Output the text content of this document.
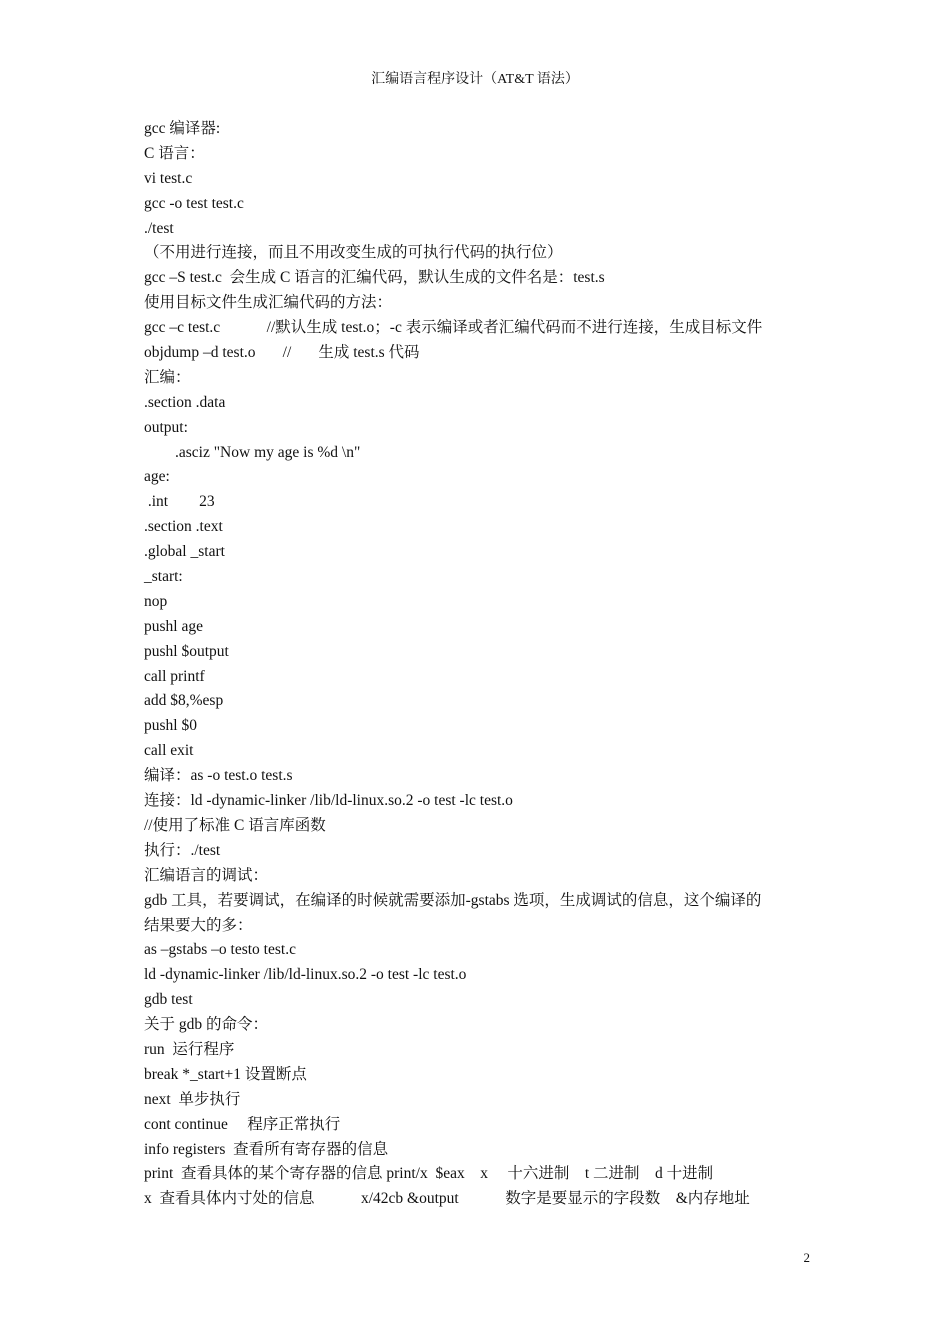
汇编语言程序设计（AT&T 语法）
gcc 编译器:
C 语言：
vi test.c
gcc -o test test.c
./test
（不用进行连接，而且不用改变生成的可执行代码的执行位）
gcc –S test.c  会生成 C 语言的汇编代码，默认生成的文件名是：test.s
使用目标文件生成汇编代码的方法：
gcc –c test.c            //默认生成 test.o；-c 表示编译或者汇编代码而不进行连接，生成目标文件
objdump –d test.o       //       生成 test.s 代码
汇编：
.section .data
output:
.asciz "Now my age is %d \n"
age:
.int        23
.section .text
.global _start
_start:
nop
pushl age
pushl $output
call printf
add $8,%esp
pushl $0
call exit
编译：as -o test.o test.s
连接：ld -dynamic-linker /lib/ld-linux.so.2 -o test -lc test.o
//使用了标准 C 语言库函数
执行：./test
汇编语言的调试：
gdb 工具，若要调试，在编译的时候就需要添加-gstabs 选项，生成调试的信息，这个编译的
结果要大的多：
as –gstabs –o testo test.c
ld -dynamic-linker /lib/ld-linux.so.2 -o test -lc test.o
gdb test
关于 gdb 的命令：
run  运行程序
break *_start+1 设置断点
next  单步执行
cont continue     程序正常执行
info registers  查看所有寄存器的信息
print  查看具体的某个寄存器的信息 print/x  $eax    x     十六进制    t 二进制    d 十进制
x  查看具体内寸处的信息            x/42cb &output            数字是要显示的字段数    &内存地址
2
